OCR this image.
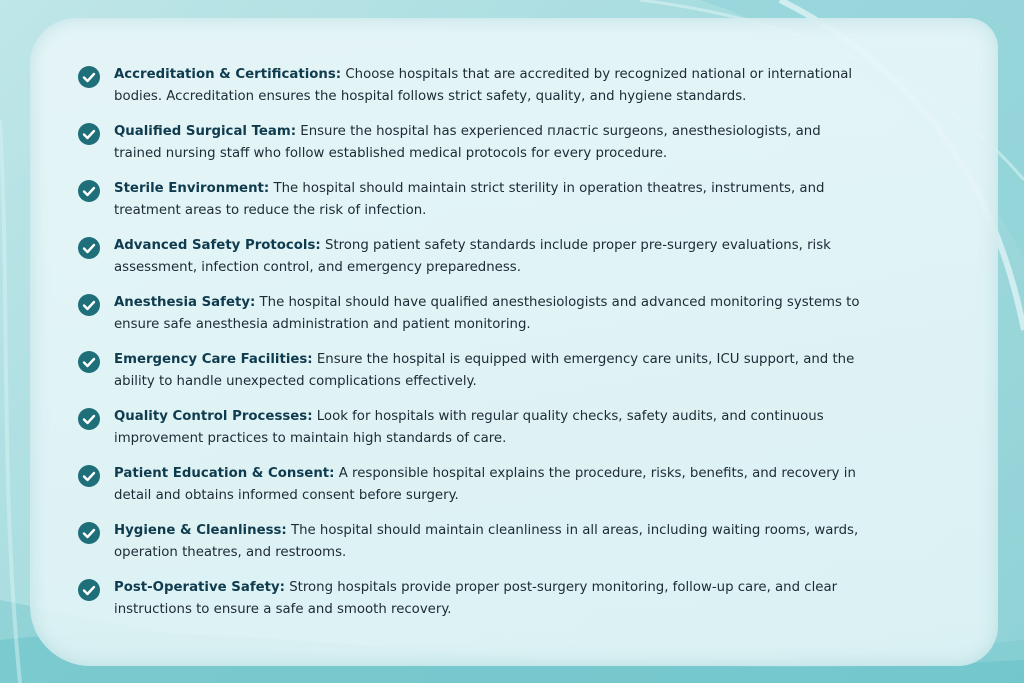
Accreditation & Certifications: Choose hospitals that are accredited by recognized national or international bodies. Accreditation ensures the hospital follows strict safety, quality, and hygiene standards.
Qualified Surgical Team: Ensure the hospital has experienced пластic surgeons, anesthesiologists, and trained nursing staff who follow established medical protocols for every procedure.
Sterile Environment: The hospital should maintain strict sterility in operation theatres, instruments, and treatment areas to reduce the risk of infection.
Advanced Safety Protocols: Strong patient safety standards include proper pre-surgery evaluations, risk assessment, infection control, and emergency preparedness.
Anesthesia Safety: The hospital should have qualified anesthesiologists and advanced monitoring systems to ensure safe anesthesia administration and patient monitoring.
Emergency Care Facilities: Ensure the hospital is equipped with emergency care units, ICU support, and the ability to handle unexpected complications effectively.
Quality Control Processes: Look for hospitals with regular quality checks, safety audits, and continuous improvement practices to maintain high standards of care.
Patient Education & Consent: A responsible hospital explains the procedure, risks, benefits, and recovery in detail and obtains informed consent before surgery.
Hygiene & Cleanliness: The hospital should maintain cleanliness in all areas, including waiting rooms, wards, operation theatres, and restrooms.
Post-Operative Safety: Strong hospitals provide proper post-surgery monitoring, follow-up care, and clear instructions to ensure a safe and smooth recovery.
